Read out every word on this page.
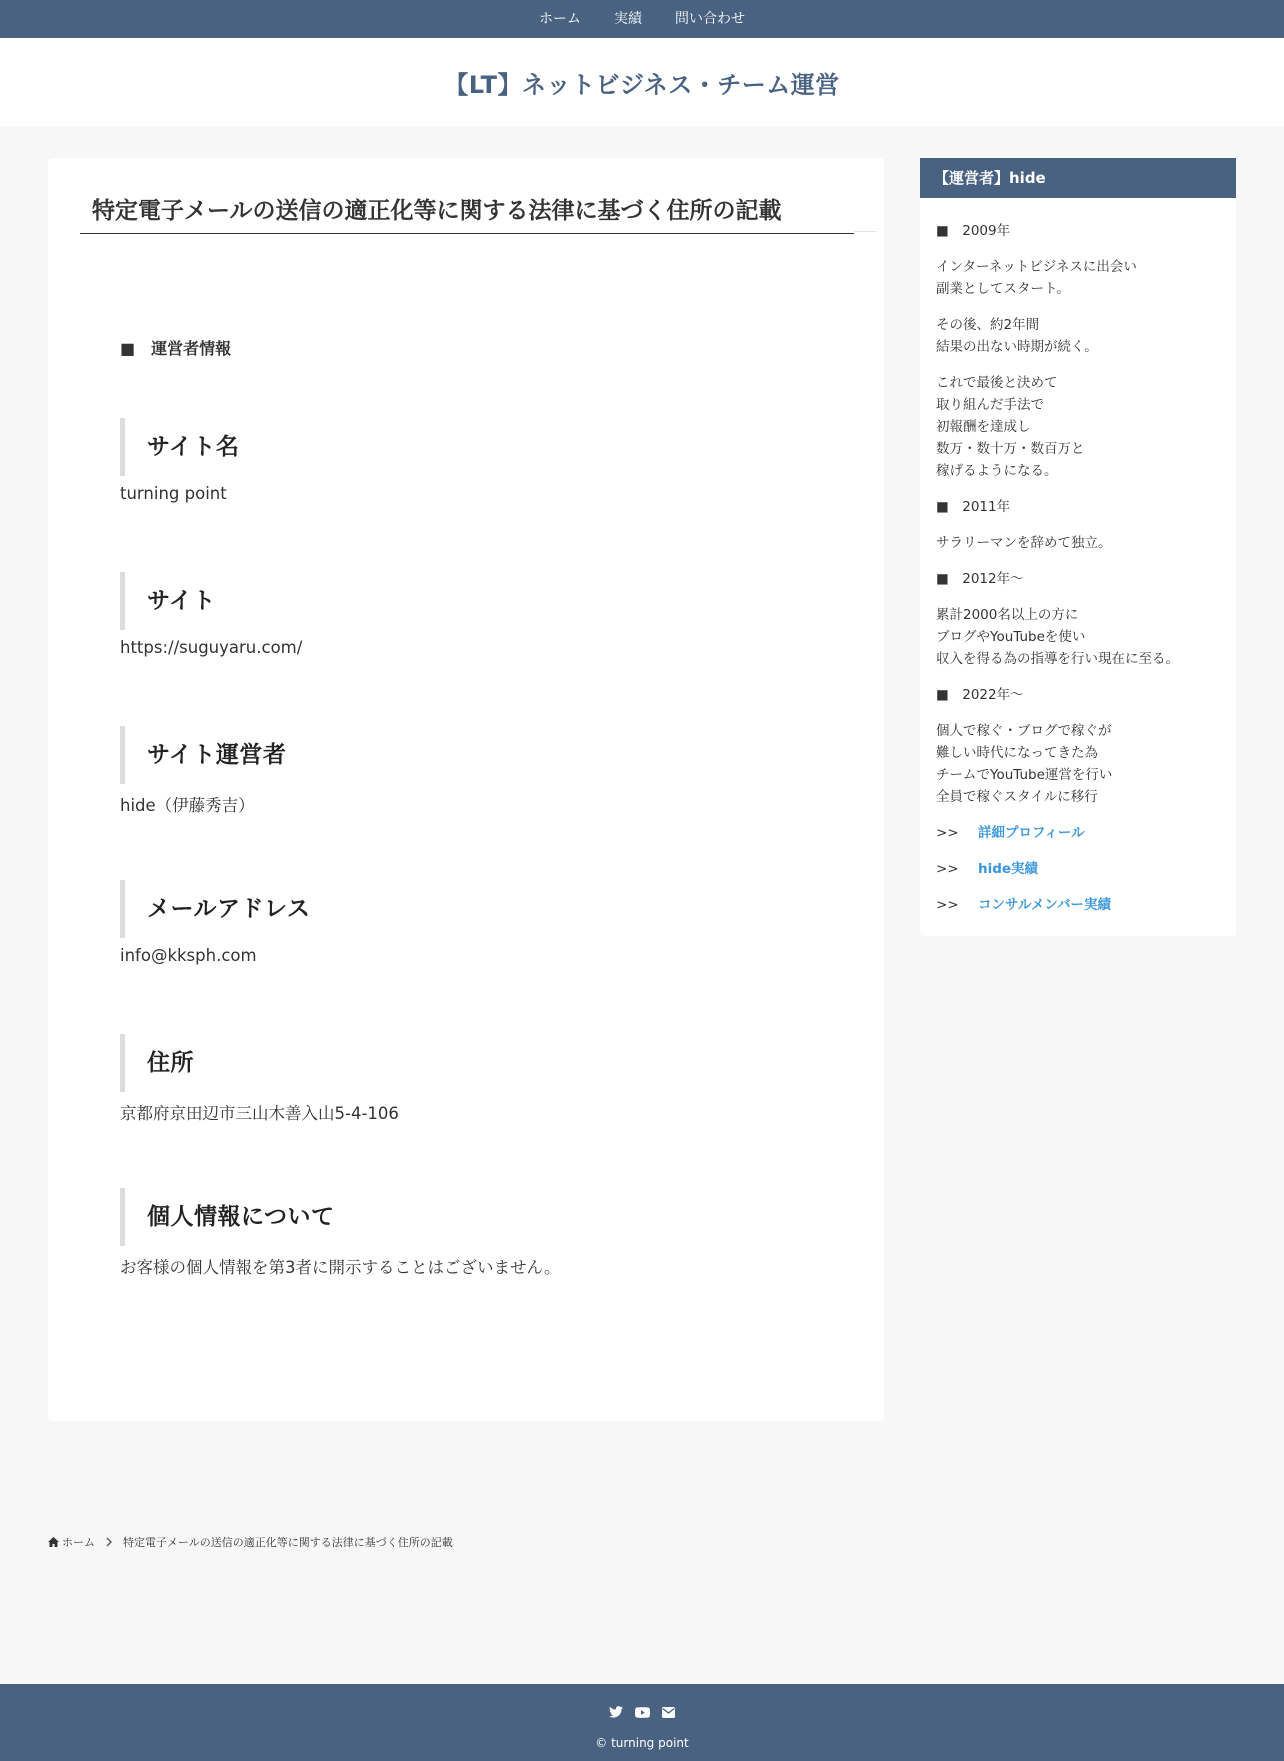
ホーム 実績 問い合わせ
【LT】ネットビジネス・チーム運営
特定電子メールの送信の適正化等に関する法律に基づく住所の記載
■　運営者情報
サイト名

turning point

サイト

https://suguyaru.com/

サイト運営者

hide（伊藤秀吉）

メールアドレス

info@kksph.com

住所

京都府京田辺市三山木善入山5-4-106

個人情報について

お客様の個人情報を第3者に開示することはございません。

【運営者】hide
■　2009年
インターネットビジネスに出会い
副業としてスタート。
その後、約2年間
結果の出ない時期が続く。
これで最後と決めて
取り組んだ手法で
初報酬を達成し
数万・数十万・数百万と
稼げるようになる。
■　2011年
サラリーマンを辞めて独立。
■　2012年～
累計2000名以上の方に
ブログやYouTubeを使い
収入を得る為の指導を行い現在に至る。
■　2022年～
個人で稼ぐ・ブログで稼ぐが
難しい時代になってきた為
チームでYouTube運営を行い
全員で稼ぐスタイルに移行
>> 詳細プロフィール
>> hide実績
>> コンサルメンバー実績
ホーム	特定電子メールの送信の適正化等に関する法律に基づく住所の記載
© turning point
